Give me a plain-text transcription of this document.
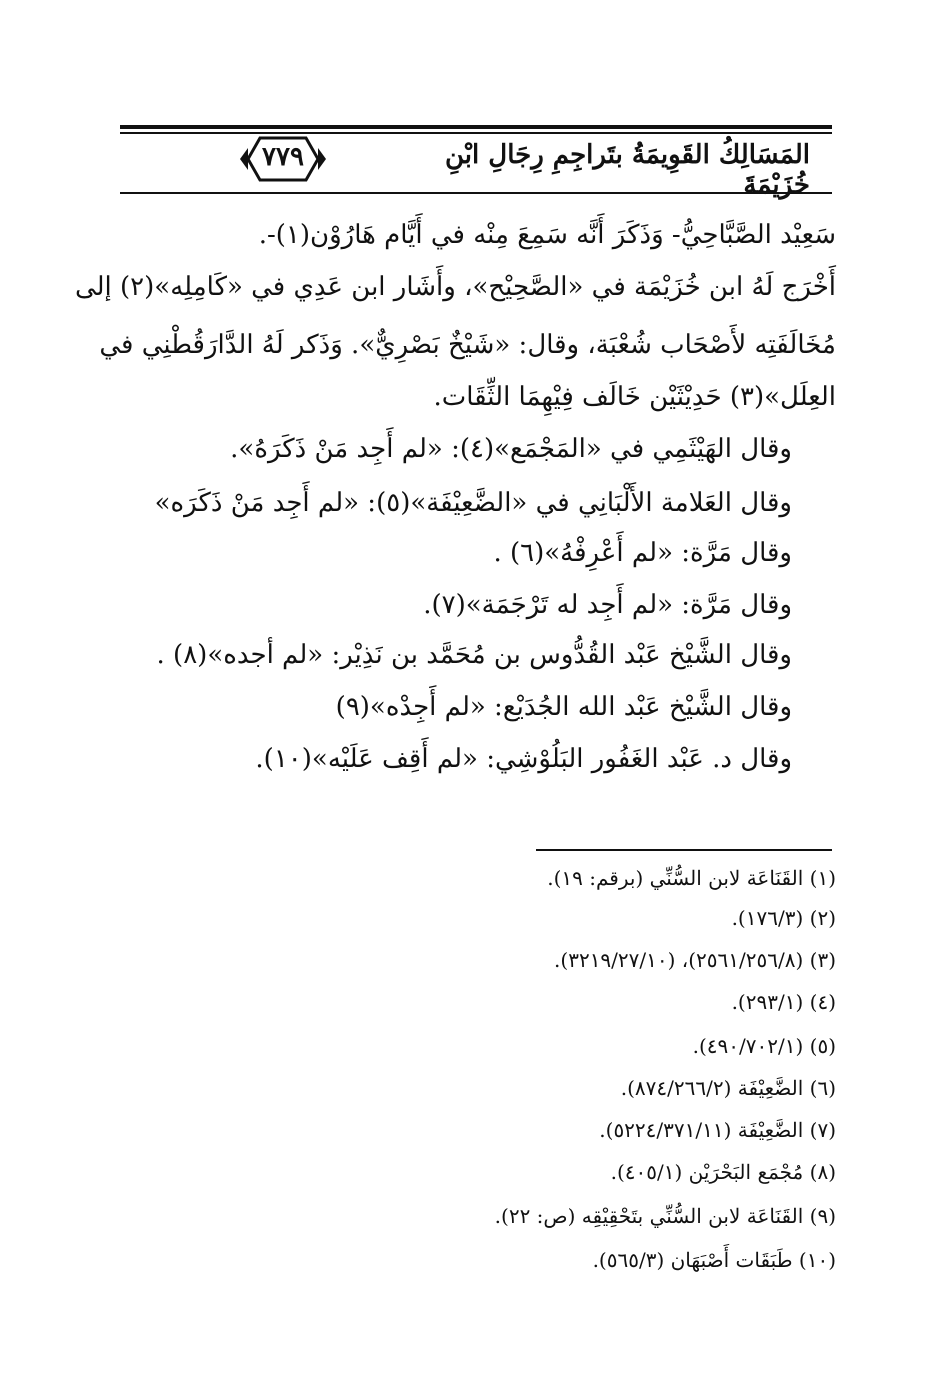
المَسَالِكُ القَوِيمَةُ بتَراجِمِ رِجَالِ ابْنِ خُزَيْمَةَ
٧٧٩
سَعِيْد الصَّبَّاحِيُّ- وَذَكَرَ أَنَّه سَمِعَ مِنْه في أَيَّام هَارُوْن(١)-.
أَخْرَج لَهُ ابن خُزَيْمَة في «الصَّحِيْح»، وأَشَار ابن عَدِي في «كَامِلِه»(٢) إلى
مُخَالَفَتِه لأَصْحَاب شُعْبَة، وقال: «شَيْخٌ بَصْرِيٌّ». وَذَكر لَهُ الدَّارَقُطْنِي في
العِلَل»(٣) حَدِيْثَيْن خَالَف فِيْهِمَا الثِّقَات.
وقال الهَيْثَمِي في «المَجْمَع»(٤): «لم أَجِد مَنْ ذَكَرَهُ».
وقال العَلامة الأَلْبَانِي في «الضَّعِيْفَة»(٥): «لم أَجِد مَنْ ذَكَرَه»
وقال مَرَّة: «لم أَعْرِفْهُ»(٦) .
وقال مَرَّة: «لم أَجِد له تَرْجَمَة»(٧).
وقال الشَّيْخ عَبْد القُدُّوس بن مُحَمَّد بن نَذِيْر: «لم أجده»(٨) .
وقال الشَّيْخ عَبْد الله الجُدَيْع: «لم أَجِدْه»(٩)
وقال د. عَبْد الغَفُور البَلُوْشِي: «لم أَقِف عَلَيْه»(١٠).
(١) القَنَاعَة لابن السُّنِّي (برقم: ١٩).
(٢) (١٧٦/٣).
(٣) (٢٥٦١/٢٥٦/٨)، (٣٢١٩/٢٧/١٠).
(٤) (٢٩٣/١).
(٥) (٤٩٠/٧٠٢/١).
(٦) الضَّعِيْفَة (٨٧٤/٢٦٦/٢).
(٧) الضَّعِيْفَة (٥٢٢٤/٣٧١/١١).
(٨) مُجْمَع البَحْرَيْن (٤٠٥/١).
(٩) القَنَاعَة لابن السُّنِّي بتَحْقِيْقِه (ص: ٢٢).
(١٠) طَبَقَات أَصْبَهَان (٥٦٥/٣).
